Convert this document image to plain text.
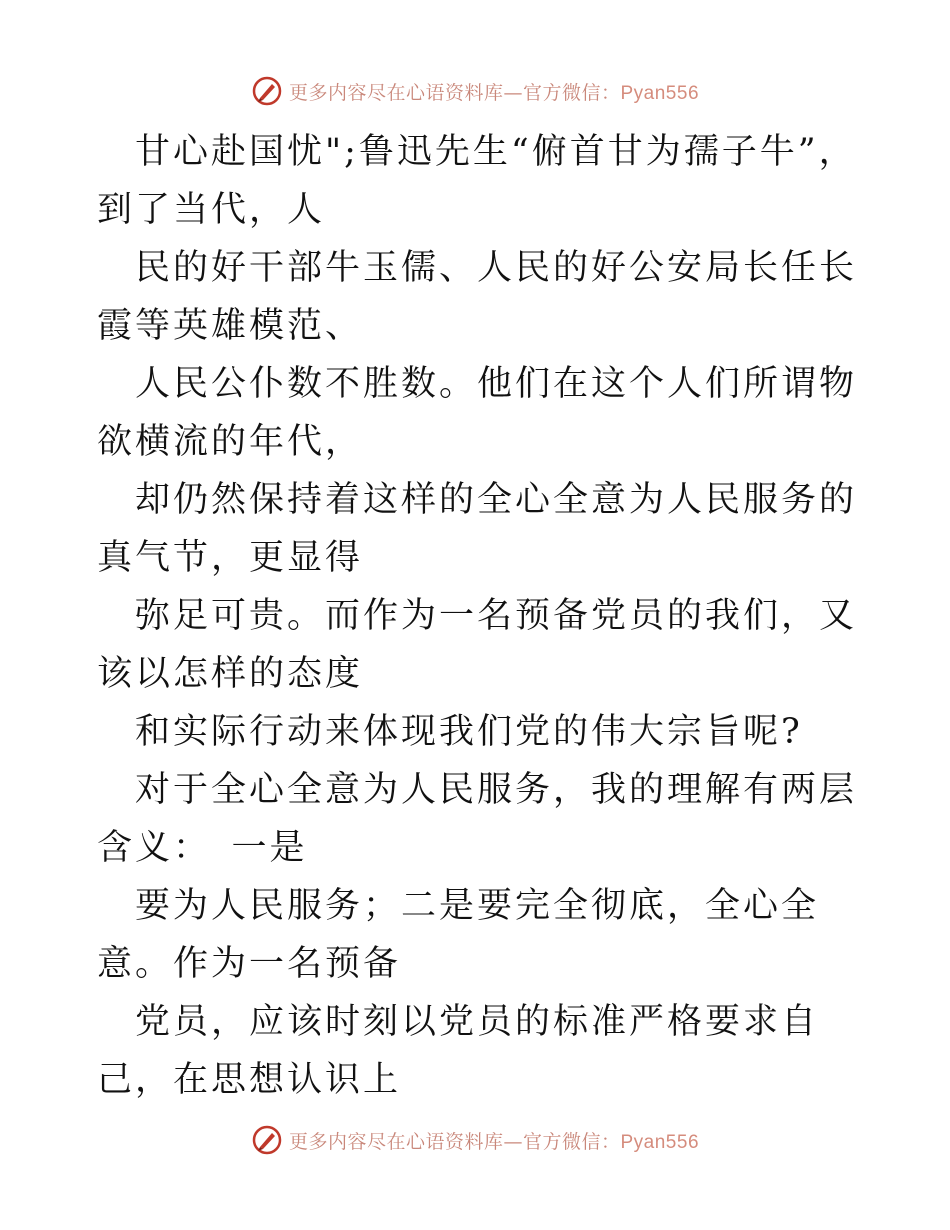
更多内容尽在心语资料库—官方微信：Pyan556

甘心赴国忧";鲁迅先生“俯首甘为孺子牛”，到了当代，人

民的好干部牛玉儒、人民的好公安局长任长霞等英雄模范、

人民公仆数不胜数。他们在这个人们所谓物欲横流的年代，

却仍然保持着这样的全心全意为人民服务的真气节，更显得

弥足可贵。而作为一名预备党员的我们，又该以怎样的态度

和实际行动来体现我们党的伟大宗旨呢?

对于全心全意为人民服务，我的理解有两层含义：　一是

要为人民服务；二是要完全彻底，全心全意。作为一名预备

党员，应该时刻以党员的标准严格要求自己，在思想认识上

更多内容尽在心语资料库—官方微信：Pyan556
